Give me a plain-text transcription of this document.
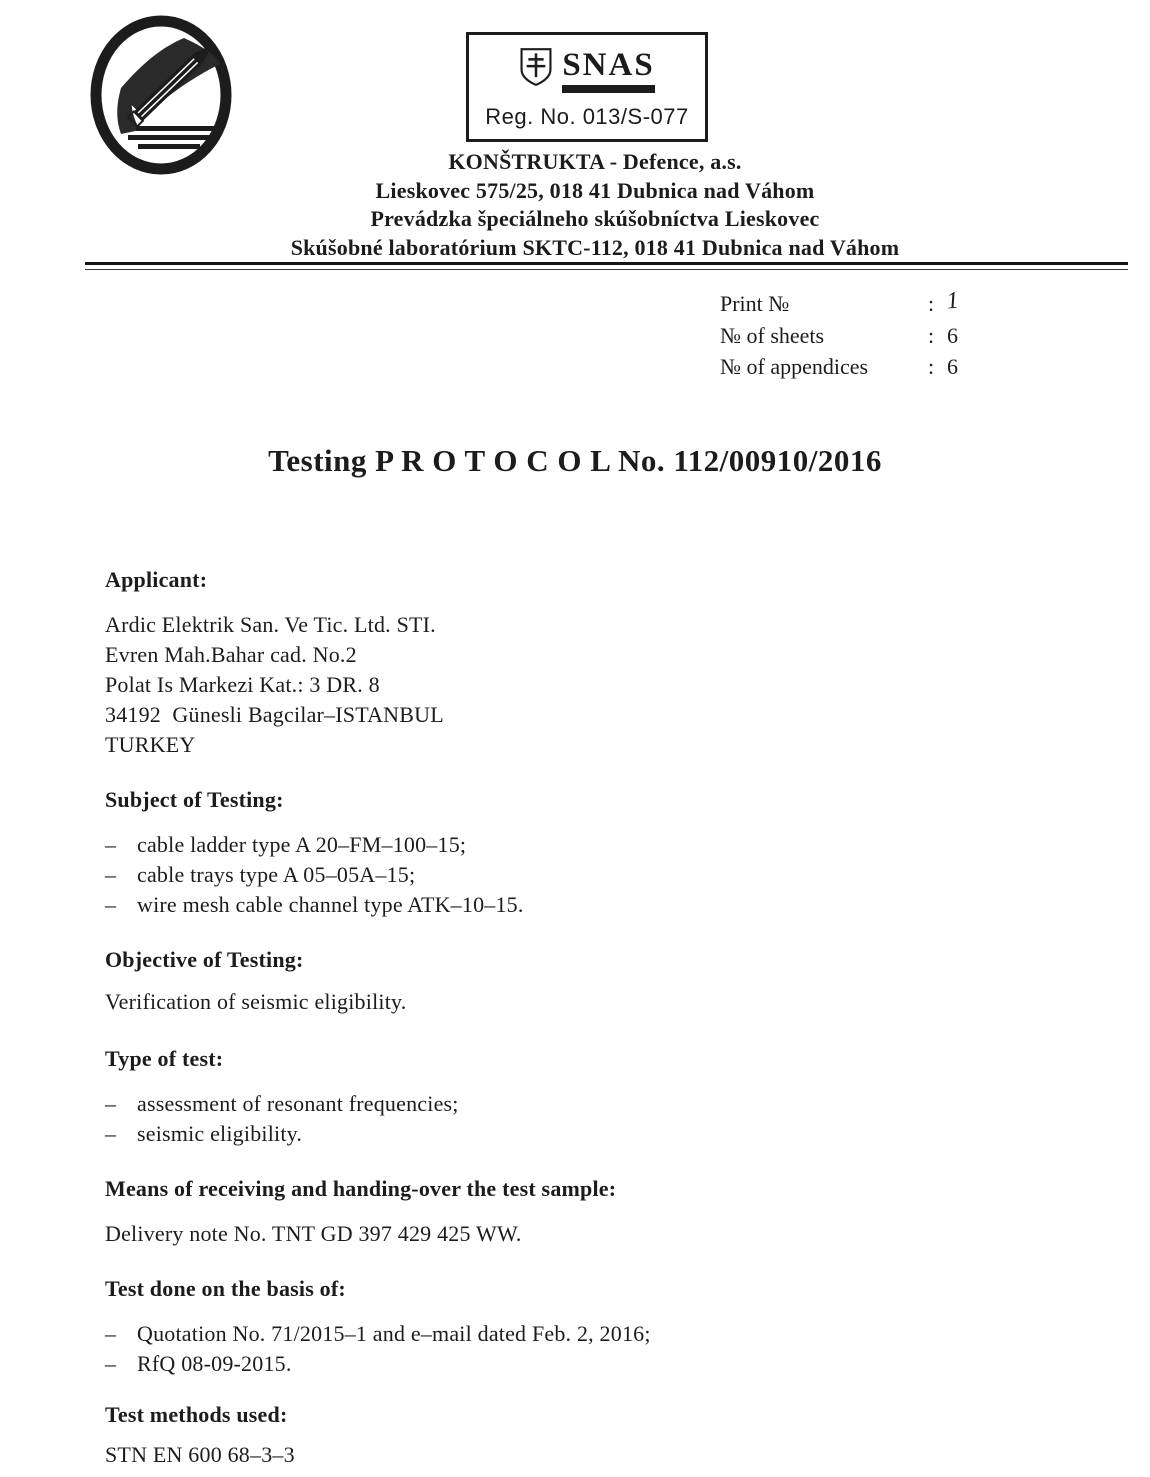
SNAS
Reg. No. 013/S-077
KONŠTRUKTA - Defence, a.s.
Lieskovec 575/25, 018 41 Dubnica nad Váhom
Prevádzka špeciálneho skúšobníctva Lieskovec
Skúšobné laboratórium SKTC-112, 018 41 Dubnica nad Váhom
Print №	: 1
№ of sheets	: 6
№ of appendices	: 6
Testing P R O T O C O L No. 112/00910/2016

Applicant:

Ardic Elektrik San. Ve Tic. Ltd. STI.

Evren Mah.Bahar cad. No.2

Polat Is Markezi Kat.: 3 DR. 8

34192  Günesli Bagcilar–ISTANBUL

TURKEY

Subject of Testing:

– cable ladder type A 20–FM–100–15;
– cable trays type A 05–05A–15;
– wire mesh cable channel type ATK–10–15.

Objective of Testing:

Verification of seismic eligibility.

Type of test:

– assessment of resonant frequencies;
– seismic eligibility.

Means of receiving and handing-over the test sample:

Delivery note No. TNT GD 397 429 425 WW.

Test done on the basis of:

– Quotation No. 71/2015–1 and e–mail dated Feb. 2, 2016;
– RfQ 08-09-2015.

Test methods used:

STN EN 600 68–3–3
